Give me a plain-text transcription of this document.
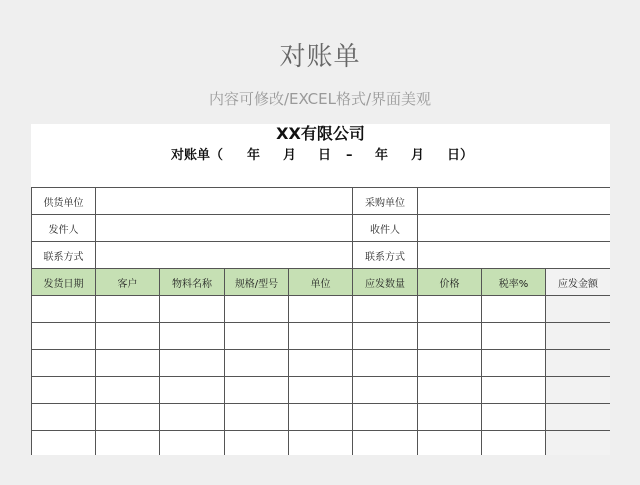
对账单
内容可修改/EXCEL格式/界面美观
XX有限公司
对账单（ 年 月 日 – 年 月 日）
供货单位					采购单位			
发件人					收件人			
联系方式					联系方式			
发货日期	客户	物料名称	规格/型号	单位	应发数量	价格	税率%	应发金额
